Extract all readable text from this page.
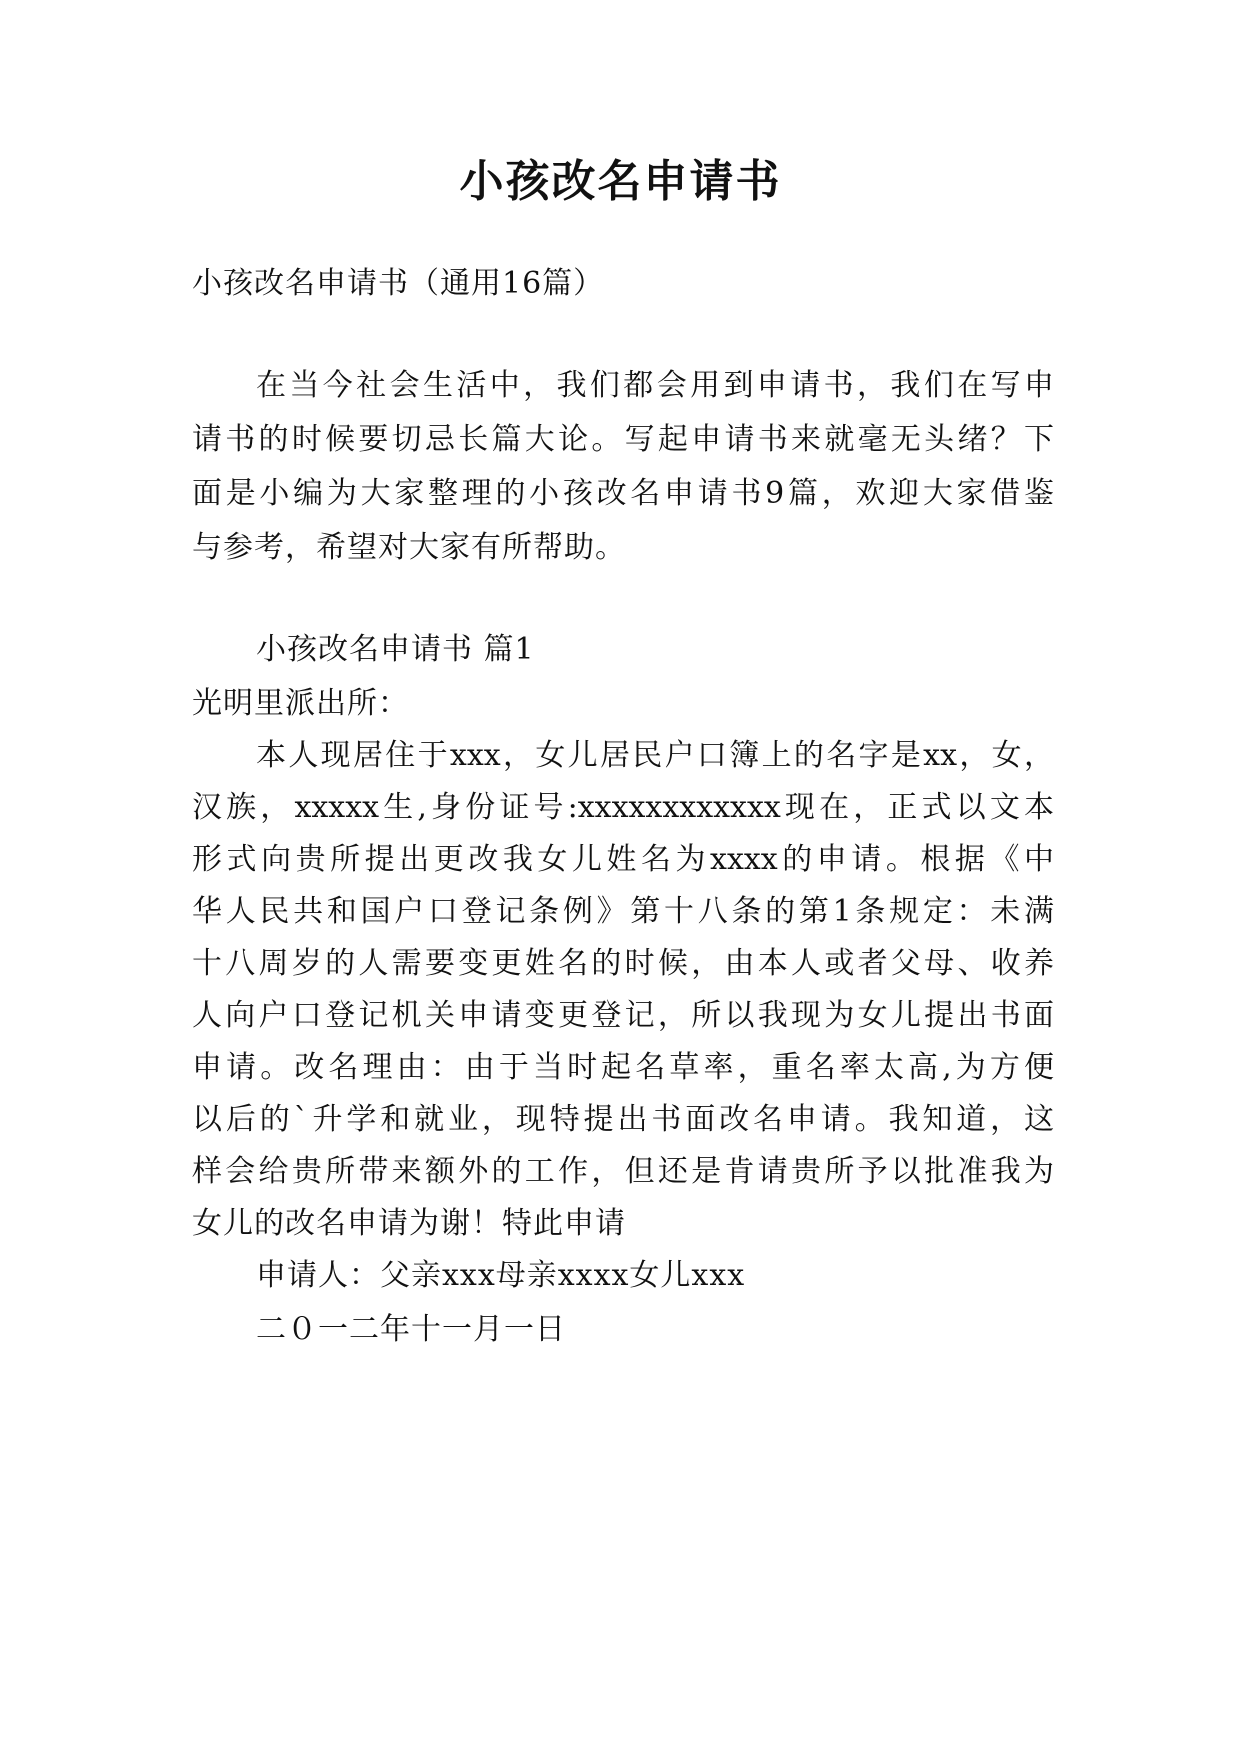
小孩改名申请书
小孩改名申请书（通用16篇）
在当今社会生活中，我们都会用到申请书，我们在写申
请书的时候要切忌长篇大论。写起申请书来就毫无头绪？下
面是小编为大家整理的小孩改名申请书9篇，欢迎大家借鉴
与参考，希望对大家有所帮助。
小孩改名申请书 篇1
光明里派出所：
本人现居住于xxx，女儿居民户口簿上的名字是xx，女，
汉族，xxxxx生,身份证号:xxxxxxxxxxxx现在，正式以文本
形式向贵所提出更改我女儿姓名为xxxx的申请。根据《中
华人民共和国户口登记条例》第十八条的第1条规定：未满
十八周岁的人需要变更姓名的时候，由本人或者父母、收养
人向户口登记机关申请变更登记，所以我现为女儿提出书面
申请。改名理由：由于当时起名草率，重名率太高,为方便
以后的`升学和就业，现特提出书面改名申请。我知道，这
样会给贵所带来额外的工作，但还是肯请贵所予以批准我为
女儿的改名申请为谢！特此申请
申请人：父亲xxx母亲xxxx女儿xxx
二０一二年十一月一日
